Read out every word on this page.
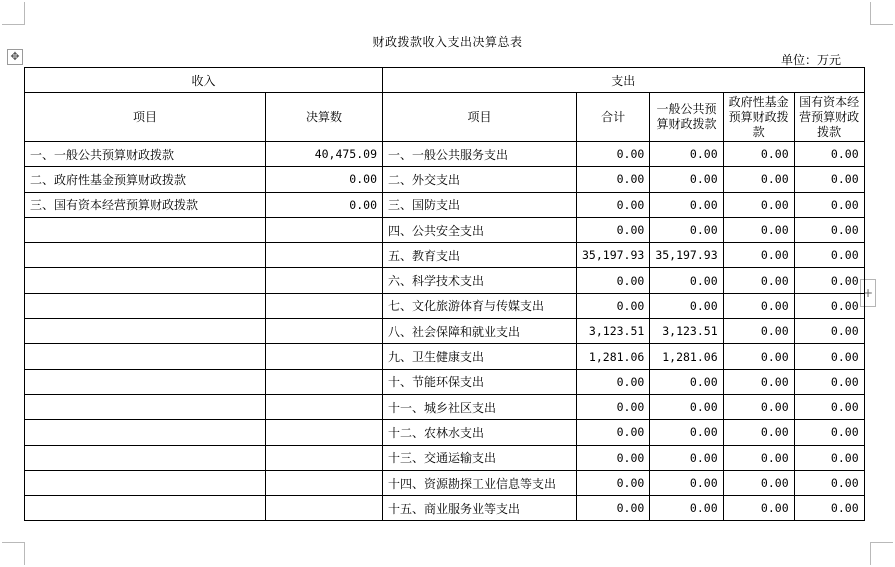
✥
+
财政拨款收入支出决算总表
单位：万元
收入		支出				
项目	决算数	项目	合计	一般公共预算财政拨款	政府性基金预算财政拨款	国有资本经营预算财政拨款
一、一般公共预算财政拨款	40,475.09	一、一般公共服务支出	0.00	0.00	0.00	0.00
二、政府性基金预算财政拨款	0.00	二、外交支出	0.00	0.00	0.00	0.00
三、国有资本经营预算财政拨款	0.00	三、国防支出	0.00	0.00	0.00	0.00
		四、公共安全支出	0.00	0.00	0.00	0.00
		五、教育支出	35,197.93	35,197.93	0.00	0.00
		六、科学技术支出	0.00	0.00	0.00	0.00
		七、文化旅游体育与传媒支出	0.00	0.00	0.00	0.00
		八、社会保障和就业支出	3,123.51	3,123.51	0.00	0.00
		九、卫生健康支出	1,281.06	1,281.06	0.00	0.00
		十、节能环保支出	0.00	0.00	0.00	0.00
		十一、城乡社区支出	0.00	0.00	0.00	0.00
		十二、农林水支出	0.00	0.00	0.00	0.00
		十三、交通运输支出	0.00	0.00	0.00	0.00
		十四、资源勘探工业信息等支出	0.00	0.00	0.00	0.00
		十五、商业服务业等支出	0.00	0.00	0.00	0.00
